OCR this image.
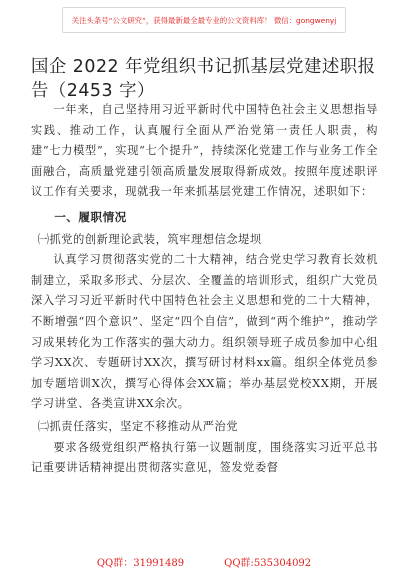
关注头条号“公文研究”，获得最新最全最专业的公文资料库！ 微信：gongwenyj
国企 2022 年党组织书记抓基层党建述职报告（2453 字）

一年来，自己坚持用习近平新时代中国特色社会主义思想指导实践、推动工作，认真履行全面从严治党第一责任人职责，构建“七力模型”，实现“七个提升”，持续深化党建工作与业务工作全面融合，高质量党建引领高质量发展取得新成效。按照年度述职评议工作有关要求，现就我一年来抓基层党建工作情况，述职如下：

一、履职情况
㈠抓党的创新理论武装，筑牢理想信念堤坝

认真学习贯彻落实党的二十大精神，结合党史学习教育长效机制建立，采取多形式、分层次、全覆盖的培训形式，组织广大党员深入学习习近平新时代中国特色社会主义思想和党的二十大精神，不断增强“四个意识”、坚定“四个自信”，做到“两个维护”，推动学习成果转化为工作落实的强大动力。组织领导班子成员参加中心组学习XX次、专题研讨XX次，撰写研讨材料xx篇。组织全体党员参加专题培训X次，撰写心得体会XX篇；举办基层党校XX期，开展学习讲堂、各类宣讲XX余次。

㈡抓责任落实，坚定不移推动从严治党

要求各级党组织严格执行第一议题制度，围绕落实习近平总书记重要讲话精神提出贯彻落实意见，签发党委督

QQ群：31991489	QQ群:535304092
